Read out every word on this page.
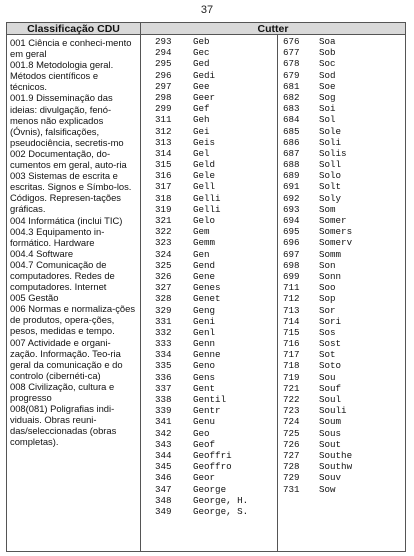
37
Classificação CDU	Cutter

001 Ciência e conheci-mento em geral

001.8 Metodologia geral. Métodos científicos e técnicos.

001.9 Disseminação das ideias: divulgação, fenó-menos não explicados (Óvnis), falsificações, pseudociência, secretis-mo

002 Documentação, do-cumentos em geral, auto-ria

003 Sistemas de escrita e escritas. Signos e Símbo-los. Códigos. Represen-tações gráficas.

004 Informática (inclui TIC)

004.3 Equipamento in-formático. Hardware

004.4 Software

004.7 Comunicação de computadores. Redes de computadores. Internet

005 Gestão

006 Normas e normaliza-ções de produtos, opera-ções, pesos, medidas e tempo.

007 Actividade e organi-zação. Informação. Teo-ria geral da comunicação e do controlo (cibernéti-ca)

008 Civilização, cultura e progresso

008(081) Poligrafias indi-viduais. Obras reuni-das/seleccionadas (obras completas).

293	Geb
294	Gec
295	Ged
296	Gedi
297	Gee
298	Geer
299	Gef
311	Geh
312	Gei
313	Geis
314	Gel
315	Geld
316	Gele
317	Gell
318	Gelli
319	Gelli
321	Gelo
322	Gem
323	Gemm
324	Gen
325	Gend
326	Gene
327	Genes
328	Genet
329	Geng
331	Geni
332	Genl
333	Genn
334	Genne
335	Geno
336	Gens
337	Gent
338	Gentil
339	Gentr
341	Genu
342	Geo
343	Geof
344	Geoffri
345	Geoffro
346	Geor
347	George
348	George, H.
349	George, S.
676	Soa
677	Sob
678	Soc
679	Sod
681	Soe
682	Sog
683	Soi
684	Sol
685	Sole
686	Soli
687	Solis
688	Soll
689	Solo
691	Solt
692	Soly
693	Som
694	Somer
695	Somers
696	Somerv
697	Somm
698	Son
699	Sonn
711	Soo
712	Sop
713	Sor
714	Sori
715	Sos
716	Sost
717	Sot
718	Soto
719	Sou
721	Souf
722	Soul
723	Souli
724	Soum
725	Sous
726	Sout
727	Southe
728	Southw
729	Souv
731	Sow
